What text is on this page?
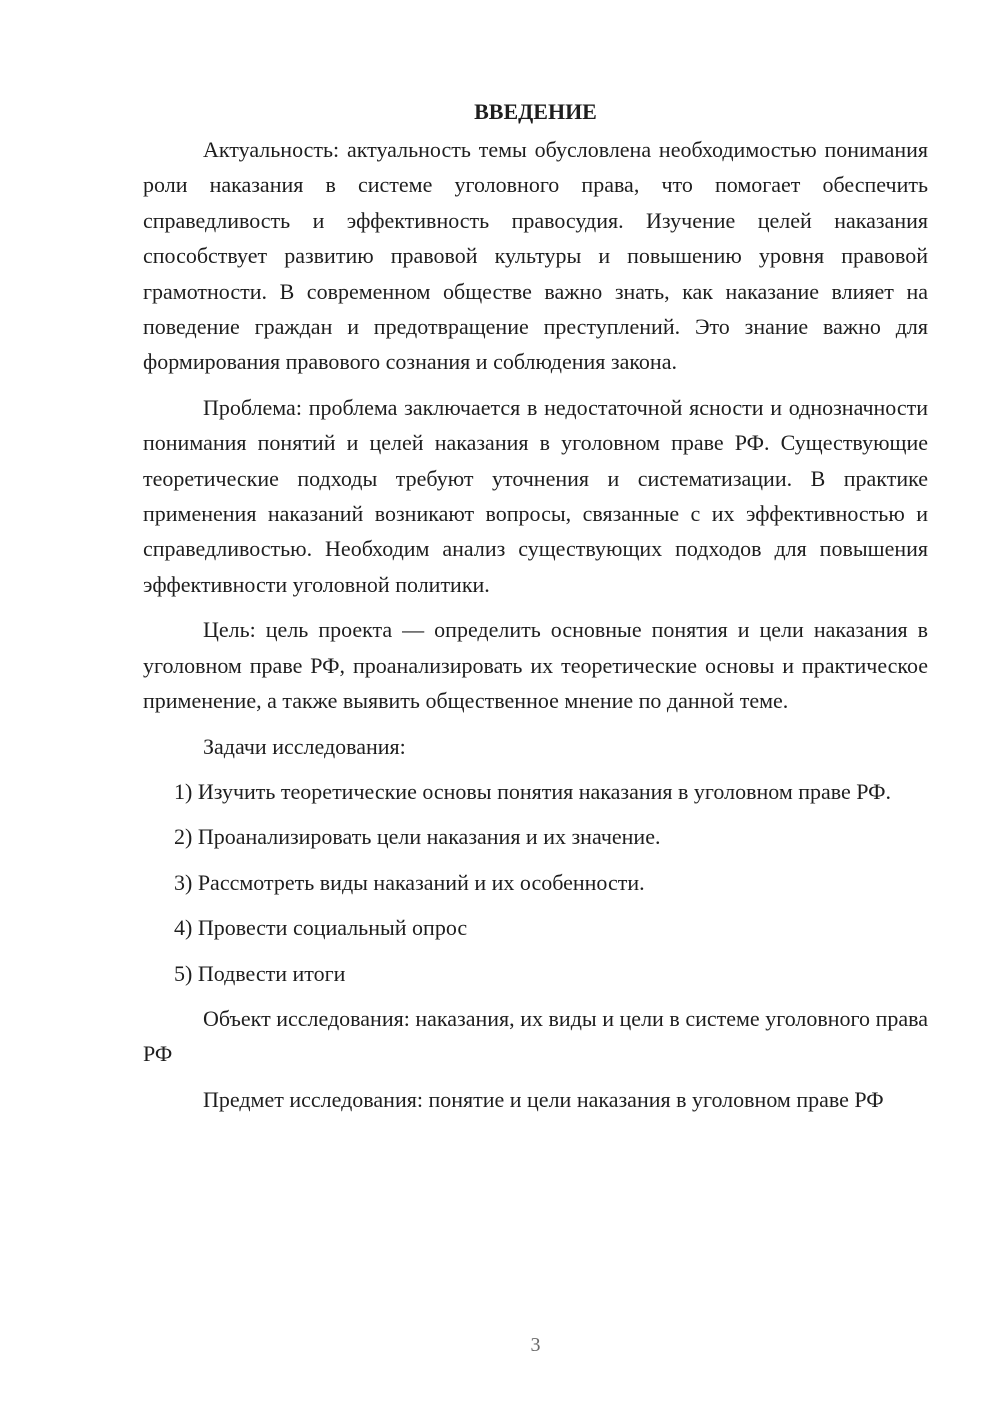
ВВЕДЕНИЕ

Актуальность: актуальность темы обусловлена необходимостью понимания роли наказания в системе уголовного права, что помогает обеспечить справедливость и эффективность правосудия. Изучение целей наказания способствует развитию правовой культуры и повышению уровня правовой грамотности. В современном обществе важно знать, как наказание влияет на поведение граждан и предотвращение преступлений. Это знание важно для формирования правового сознания и соблюдения закона.

Проблема: проблема заключается в недостаточной ясности и однозначности понимания понятий и целей наказания в уголовном праве РФ. Существующие теоретические подходы требуют уточнения и систематизации. В практике применения наказаний возникают вопросы, связанные с их эффективностью и справедливостью. Необходим анализ существующих подходов для повышения эффективности уголовной политики.

Цель: цель проекта — определить основные понятия и цели наказания в уголовном праве РФ, проанализировать их теоретические основы и практическое применение, а также выявить общественное мнение по данной теме.

Задачи исследования:

1) Изучить теоретические основы понятия наказания в уголовном праве РФ.

2) Проанализировать цели наказания и их значение.

3) Рассмотреть виды наказаний и их особенности.

4) Провести социальный опрос

5) Подвести итоги

Объект исследования: наказания, их виды и цели в системе уголовного права РФ

Предмет исследования: понятие и цели наказания в уголовном праве РФ

3
